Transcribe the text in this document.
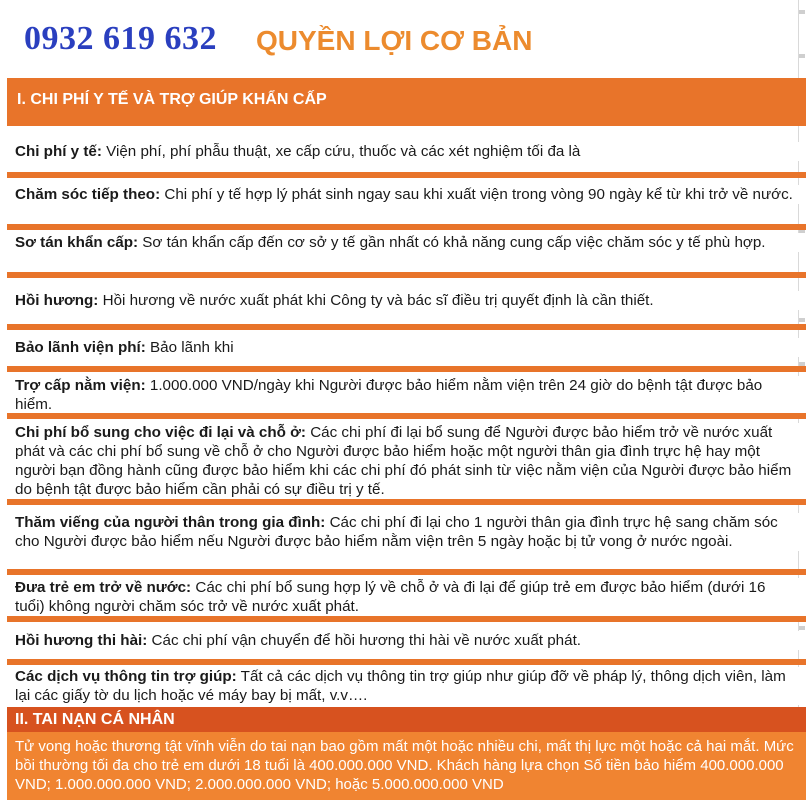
0932 619 632 QUYỀN LỢI CƠ BẢN
I. CHI PHÍ Y TẾ VÀ TRỢ GIÚP KHẨN CẤP
Chi phí y tế: Viện phí, phí phẫu thuật, xe cấp cứu, thuốc và các xét nghiệm tối đa là
Chăm sóc tiếp theo: Chi phí y tế hợp lý phát sinh ngay sau khi xuất viện trong vòng 90 ngày kể từ khi trở về nước.
Sơ tán khẩn cấp: Sơ tán khẩn cấp đến cơ sở y tế gần nhất có khả năng cung cấp việc chăm sóc y tế phù hợp.
Hồi hương: Hồi hương về nước xuất phát khi Công ty và bác sĩ điều trị quyết định là cần thiết.
Bảo lãnh viện phí: Bảo lãnh khi
Trợ cấp nằm viện: 1.000.000 VND/ngày khi Người được bảo hiểm nằm viện trên 24 giờ do bệnh tật được bảo hiểm.
Chi phí bổ sung cho việc đi lại và chỗ ở: Các chi phí đi lại bổ sung để Người được bảo hiểm trở về nước xuất phát và các chi phí bổ sung về chỗ ở cho Người được bảo hiểm hoặc một người thân gia đình trực hệ hay một người bạn đồng hành cũng được bảo hiểm khi các chi phí đó phát sinh từ việc nằm viện của Người được bảo hiểm do bệnh tật được bảo hiểm cần phải có sự điều trị y tế.
Thăm viếng của người thân trong gia đình: Các chi phí đi lại cho 1 người thân gia đình trực hệ sang chăm sóc cho Người được bảo hiểm nếu Người được bảo hiểm nằm viện trên 5 ngày hoặc bị tử vong ở nước ngoài.
Đưa trẻ em trở về nước: Các chi phí bổ sung hợp lý về chỗ ở và đi lại để giúp trẻ em được bảo hiểm (dưới 16 tuổi) không người chăm sóc trở về nước xuất phát.
Hồi hương thi hài: Các chi phí vận chuyển để hồi hương thi hài về nước xuất phát.
Các dịch vụ thông tin trợ giúp: Tất cả các dịch vụ thông tin trợ giúp như giúp đỡ về pháp lý, thông dịch viên, làm lại các giấy tờ du lịch hoặc vé máy bay bị mất, v.v….
II. TAI NẠN CÁ NHÂN
Tử vong hoặc thương tật vĩnh viễn do tai nạn bao gồm mất một hoặc nhiều chi, mất thị lực một hoặc cả hai mắt. Mức bồi thường tối đa cho trẻ em dưới 18 tuổi là 400.000.000 VND. Khách hàng lựa chọn Số tiền bảo hiểm 400.000.000 VND; 1.000.000.000 VND; 2.000.000.000 VND; hoặc 5.000.000.000 VND
